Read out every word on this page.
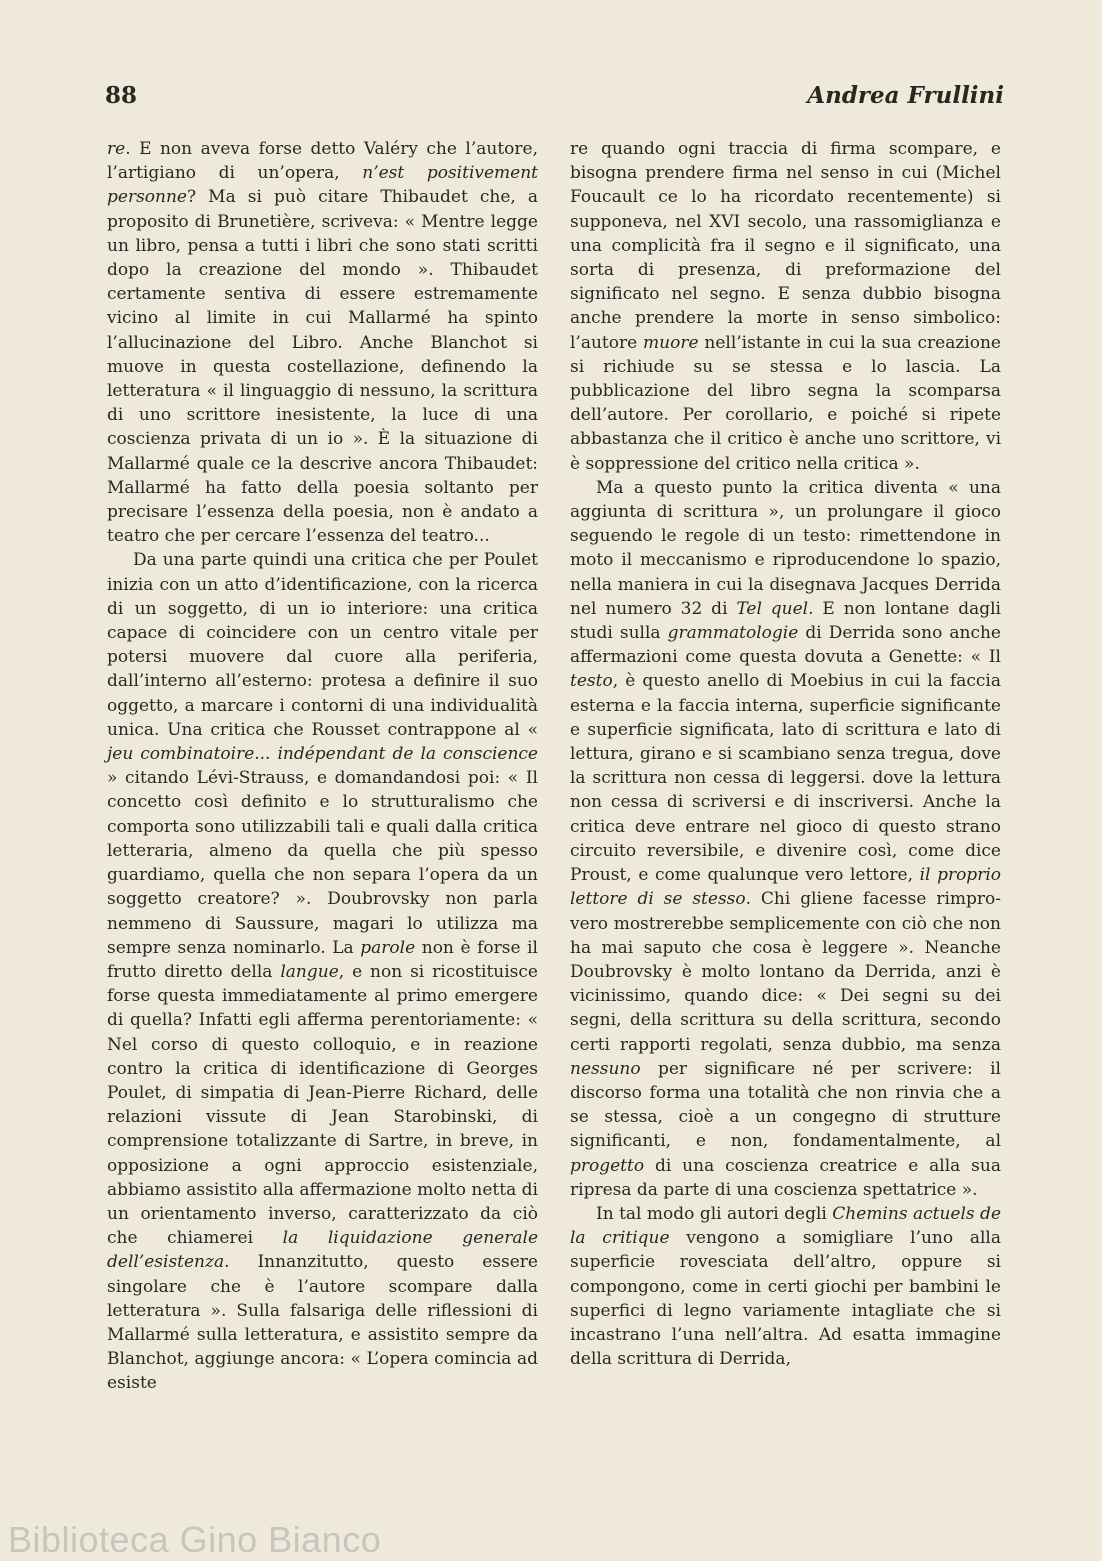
88	Andrea Frullini

re. E non aveva forse detto Valéry che l’autore, l’artigiano di un’opera, n’est positivement personne? Ma si può citare Thibaudet che, a proposito di Brunetière, scriveva: « Mentre legge un libro, pensa a tutti i libri che sono stati scritti dopo la creazione del mondo ». Thibaudet certamente sentiva di essere estremamente vicino al limite in cui Mallarmé ha spinto l’allucinazione del Libro. Anche Blanchot si muove in questa costellazione, definendo la letteratura « il linguaggio di nessuno, la scrittura di uno scrittore inesistente, la luce di una coscienza privata di un io ». È la situazione di Mallarmé quale ce la descrive ancora Thibaudet: Mallarmé ha fatto della poesia soltanto per precisare l’essenza della poesia, non è andato a teatro che per cercare l’essenza del teatro...

Da una parte quindi una critica che per Poulet inizia con un atto d’identificazione, con la ricerca di un soggetto, di un io interiore: una critica capace di coincidere con un centro vitale per potersi muovere dal cuore alla periferia, dall’interno all’esterno: protesa a definire il suo oggetto, a marcare i contorni di una individualità unica. Una critica che Rousset contrappone al « jeu combinatoire... indépendant de la conscience » citando Lévi-Strauss, e domandandosi poi: « Il concetto così definito e lo strutturalismo che comporta sono utilizzabili tali e quali dalla critica letteraria, almeno da quella che più spesso guardiamo, quella che non separa l’opera da un soggetto creatore? ». Doubrovsky non parla nemmeno di Saussure, magari lo utilizza ma sempre senza nominarlo. La parole non è forse il frutto diretto della langue, e non si ricostituisce forse questa immediatamente al primo emergere di quella? Infatti egli afferma perentoriamente: « Nel corso di questo colloquio, e in reazione contro la critica di identificazione di Georges Poulet, di simpatia di Jean-Pierre Richard, delle relazioni vissute di Jean Starobinski, di comprensione totalizzante di Sartre, in breve, in opposizione a ogni approccio esistenziale, abbiamo assistito alla affermazione molto netta di un orientamento inverso, caratterizzato da ciò che chiamerei la liquidazione generale dell’esistenza. Innanzitutto, questo essere singolare che è l’autore scompare dalla letteratura ». Sulla falsariga delle riflessioni di Mallarmé sulla letteratura, e assistito sempre da Blanchot, aggiunge ancora: « L’opera comincia ad esiste

re quando ogni traccia di firma scompare, e bisogna prendere firma nel senso in cui (Michel Foucault ce lo ha ricordato recentemente) si supponeva, nel XVI secolo, una rassomiglianza e una complicità fra il segno e il significato, una sorta di presenza, di preformazione del significato nel segno. E senza dubbio bisogna anche prendere la morte in senso simbolico: l’autore muore nell’istante in cui la sua creazione si richiude su se stessa e lo lascia. La pubblicazione del libro segna la scomparsa dell’autore. Per corollario, e poiché si ripete abbastanza che il critico è anche uno scrittore, vi è soppressione del critico nella critica ».

Ma a questo punto la critica diventa « una aggiunta di scrittura », un prolungare il gioco seguendo le regole di un testo: rimettendone in moto il meccanismo e riproducendone lo spazio, nella maniera in cui la disegnava Jacques Derrida nel numero 32 di Tel quel. E non lontane dagli studi sulla grammatologie di Derrida sono anche affermazioni come questa dovuta a Genette: « Il testo, è questo anello di Moebius in cui la faccia esterna e la faccia interna, superficie significante e superficie significata, lato di scrittura e lato di lettura, girano e si scambiano senza tregua, dove la scrittura non cessa di leggersi. dove la lettura non cessa di scriversi e di inscriversi. Anche la critica deve entrare nel gioco di questo strano circuito reversibile, e divenire così, come dice Proust, e come qualunque vero lettore, il proprio lettore di se stesso. Chi gliene facesse rimprovero mostrerebbe semplicemente con ciò che non ha mai saputo che cosa è leggere ». Neanche Doubrovsky è molto lontano da Derrida, anzi è vicinissimo, quando dice: « Dei segni su dei segni, della scrittura su della scrittura, secondo certi rapporti regolati, senza dubbio, ma senza nessuno per significare né per scrivere: il discorso forma una totalità che non rinvia che a se stessa, cioè a un congegno di strutture significanti, e non, fondamentalmente, al progetto di una coscienza creatrice e alla sua ripresa da parte di una coscienza spettatrice ».

In tal modo gli autori degli Chemins actuels de la critique vengono a somigliare l’uno alla superficie rovesciata dell’altro, oppure si compongono, come in certi giochi per bambini le superfici di legno variamente intagliate che si incastrano l’una nell’altra. Ad esatta immagine della scrittura di Derrida,

Biblioteca Gino Bianco
